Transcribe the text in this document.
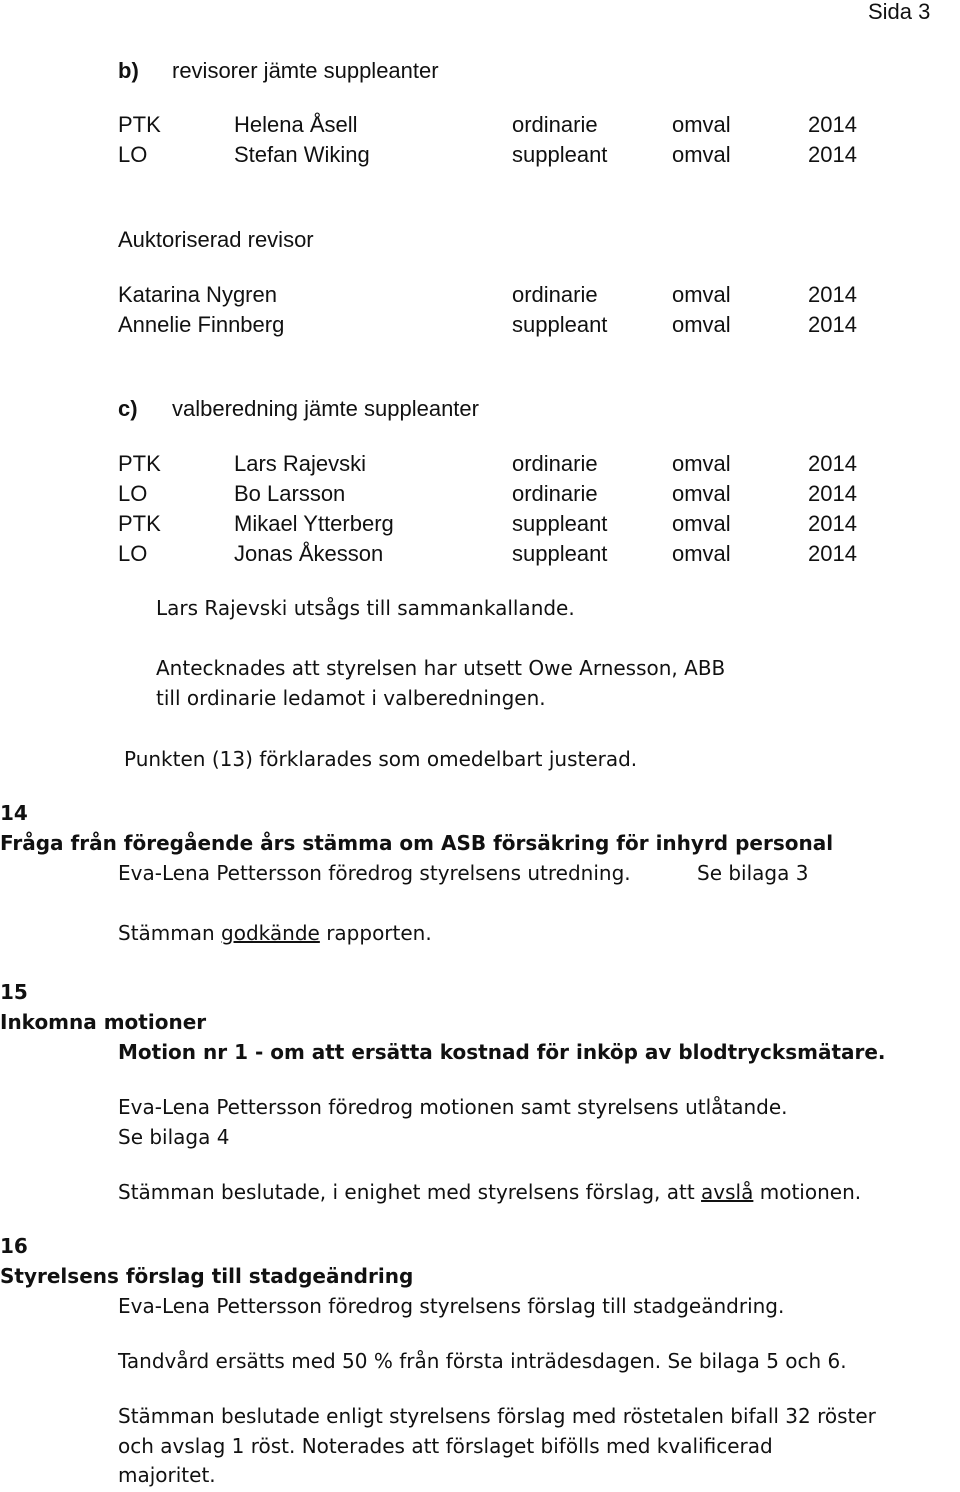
Sida 3
b) revisorer jämte suppleanter
PTK	Helena Åsell	ordinarie	omval	2014
LO	Stefan Wiking	suppleant	omval	2014
Auktoriserad revisor
Katarina Nygren	ordinarie	omval	2014
Annelie Finnberg	suppleant	omval	2014
c) valberedning jämte suppleanter
PTK	Lars Rajevski	ordinarie	omval	2014
LO	Bo Larsson	ordinarie	omval	2014
PTK	Mikael Ytterberg	suppleant	omval	2014
LO	Jonas Åkesson	suppleant	omval	2014
Lars Rajevski utsågs till sammankallande.
Antecknades att styrelsen har utsett Owe Arnesson, ABB
till ordinarie ledamot i valberedningen.
Punkten (13) förklarades som omedelbart justerad.
14
Fråga från föregående års stämma om ASB försäkring för inhyrd personal
Eva-Lena Pettersson föredrog styrelsens utredning.	Se bilaga 3
Stämman godkände rapporten.
15
Inkomna motioner
Motion nr 1 - om att ersätta kostnad för inköp av blodtrycksmätare.
Eva-Lena Pettersson föredrog motionen samt styrelsens utlåtande.
Se bilaga 4
Stämman beslutade, i enighet med styrelsens förslag, att avslå motionen.
16
Styrelsens förslag till stadgeändring
Eva-Lena Pettersson föredrog styrelsens förslag till stadgeändring.
Tandvård ersätts med 50 % från första inträdesdagen. Se bilaga 5 och 6.
Stämman beslutade enligt styrelsens förslag med röstetalen bifall 32 röster
och avslag 1 röst. Noterades att förslaget bifölls med kvalificerad
majoritet.
